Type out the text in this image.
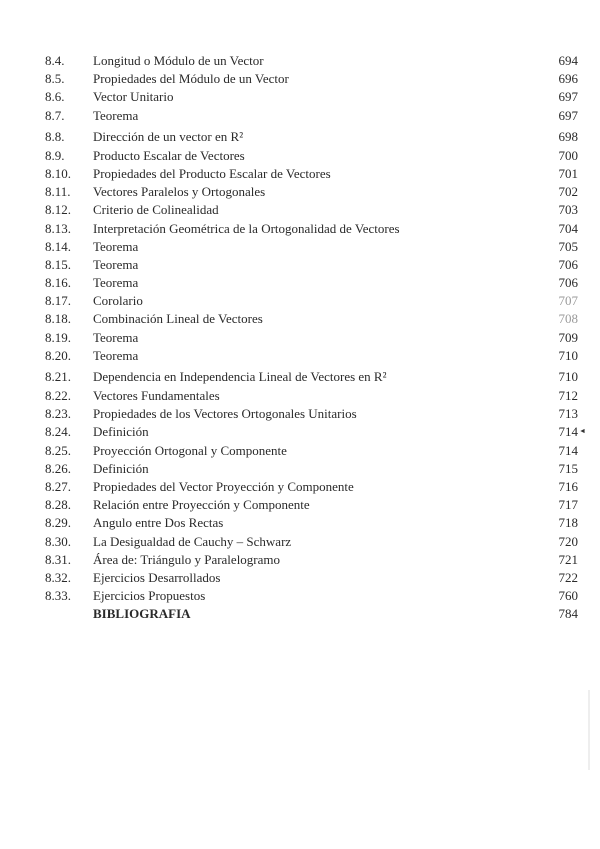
8.4. Longitud o Módulo de un Vector	694
8.5. Propiedades del Módulo de un Vector	696
8.6. Vector Unitario	697
8.7. Teorema	697
8.8. Dirección de un vector en R²	698
8.9. Producto Escalar de Vectores	700
8.10. Propiedades del Producto Escalar de Vectores	701
8.11. Vectores Paralelos y Ortogonales	702
8.12. Criterio de Colinealidad	703
8.13. Interpretación Geométrica de la Ortogonalidad de Vectores	704
8.14. Teorema	705
8.15. Teorema	706
8.16. Teorema	706
8.17. Corolario	707
8.18. Combinación Lineal de Vectores	708
8.19. Teorema	709
8.20. Teorema	710
8.21. Dependencia en Independencia Lineal de Vectores en R²	710
8.22. Vectores Fundamentales	712
8.23. Propiedades de los Vectores Ortogonales Unitarios	713
8.24. Definición	714
8.25. Proyección Ortogonal y Componente	714
8.26. Definición	715
8.27. Propiedades del Vector Proyección y Componente	716
8.28. Relación entre Proyección y Componente	717
8.29. Angulo entre Dos Rectas	718
8.30. La Desigualdad de Cauchy – Schwarz	720
8.31. Área de: Triángulo y Paralelogramo	721
8.32. Ejercicios Desarrollados	722
8.33. Ejercicios Propuestos	760
BIBLIOGRAFIA	784
◄
